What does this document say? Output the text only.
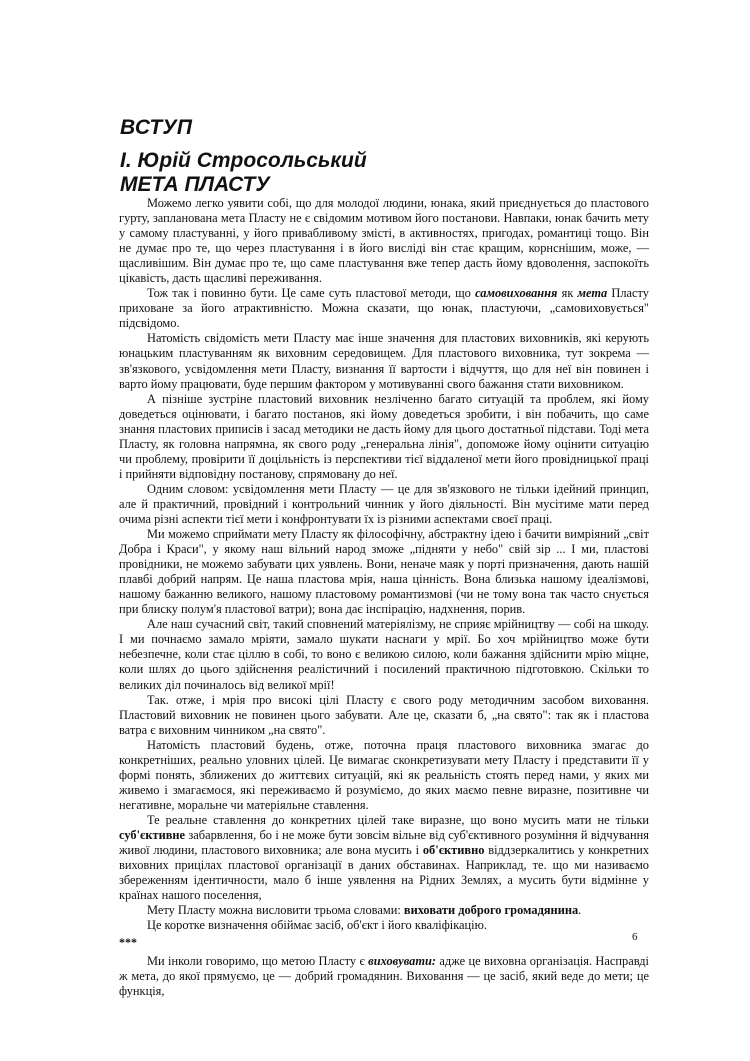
ВСТУП
І. Юрій Стросольський
МЕТА ПЛАСТУ

Можемо легко уявити собі, що для молодої людини, юнака, який приєднується до пластового гурту, запланована мета Пласту не є свідомим мотивом його постанови. Навпаки, юнак бачить мету у самому пластуванні, у його привабливому змісті, в активностях, пригодах, романтиці тощо. Він не думає про те, що через пластування і в його вислідi він стає кращим, корнснішим, може, — щасливішим. Він думає про те, що саме пластування вже тепер дасть йому вдоволення, заспокоїть цікавість, дасть щасливі переживання.

Тож так і повинно бути. Це саме суть пластової методи, що самовиховання як мета Пласту приховане за його атрактивністю. Можна сказати, що юнак, пластуючи, „самовиховується" підсвідомо.

Натомість свідомість мети Пласту має інше значення для пластових виховників, які керують юнацьким пластуванням як виховним середовищем. Для пластового виховника, тут зокрема — зв'язкового, усвідомлення мети Пласту, визнання її вартости і відчуття, що для неї він повинен і варто йому працювати, буде першим фактором у мотивуванні свого бажання стати виховником.

А пізніше зустріне пластовий виховник незліченно багато ситуацій та проблем, які йому доведеться оцінювати, і багато постанов, які йому доведеться зробити, і він побачить, що саме знання пластових приписів і засад методики не дасть йому для цього достатньої підстави. Тоді мета Пласту, як головна напрямна, як свого роду „генеральна лінія", допоможе йому оцінити ситуацію чи проблему, провірити її доцільність із перспективи тієї віддаленої мети його провідницької праці і прийняти відповідну постанову, спрямовану до неї.

Одним словом: усвідомлення мети Пласту — це для зв'язкового не тільки ідейний принцип, але й практичний, провідний і контрольний чинник у його діяльності. Він мусітиме мати перед очима різні аспекти тієї мети і конфронтувати їх із різними аспектами своєї праці.

Ми можемо сприймати мету Пласту як філософічну, абстрактну ідею і бачити вимріяний „світ Добра і Краси", у якому наш вільний народ зможе „підняти у небо" свій зір ... І ми, пластові провідники, не можемо забувати цих уявлень. Вони, неначе маяк у порті призначення, дають нашій плавбі добрий напрям. Це наша пластова мрія, наша цінність. Вона близька нашому ідеалізмові, нашому бажанню великого, нашому пластовому романтизмові (чи не тому вона так часто снується при блиску полум'я пластової ватри); вона дає інспірацію, надхнення, порив.

Але наш сучасний світ, такий сповнений матеріялізму, не сприяє мрійництву — собі на шкоду. І ми почнаємо замало мріяти, замало шукати наснаги у мрії. Бо хоч мрійництво може бути небезпечне, коли стає ціллю в собі, то воно є великою силою, коли бажання здійснити мрію міцне, коли шлях до цього здійснення реалістичний і посилений практичною підготовкою. Скільки то великих діл починалось від великої мрії!

Так. отже, і мрія про високі цілі Пласту є свого роду методичним засобом виховання. Пластовий виховник не повинен цього забувати. Але це, сказати б, „на свято": так як і пластова ватра є виховним чинником „на свято".

Натомість пластовий будень, отже, поточна праця пластового виховника змагає до конкретніших, реально уловних цілей. Це вимагає сконкретизувати мету Пласту і представити її у формі понять, зближених до життєвих ситуацій, які як реальність стоять перед нами, у яких ми живемо і змагаємося, які переживаємо й розуміємо, до яких маємо певне виразне, позитивне чи негативне, моральне чи матеріяльне ставлення.

Те реальне ставлення до конкретних цілей таке виразне, що воно мусить мати не тільки суб'єктивне забарвлення, бо і не може бути зовсім вільне від суб'єктивного розуміння й відчування живої людини, пластового виховника; але вона мусить і об'єктивно віддзеркалитись у конкретних виховних прицілах пластової організації в даних обставинах. Наприклад, те. що ми називаємо збереженням ідентичности, мало б інше уявлення на Рідних Землях, а мусить бути відмінне у країнах нашого поселення,

Мету Пласту можна висловити трьома словами: виховати доброго громадянина.

Це коротке визначення обіймає засіб, об'єкт і його кваліфікацію.

***

Ми інколи говоримо, що метою Пласту є виховувати: адже це виховна організація. Насправді ж мета, до якої прямуємо, це — добрий громадянин. Виховання — це засіб, який веде до мети; це функція,

6
